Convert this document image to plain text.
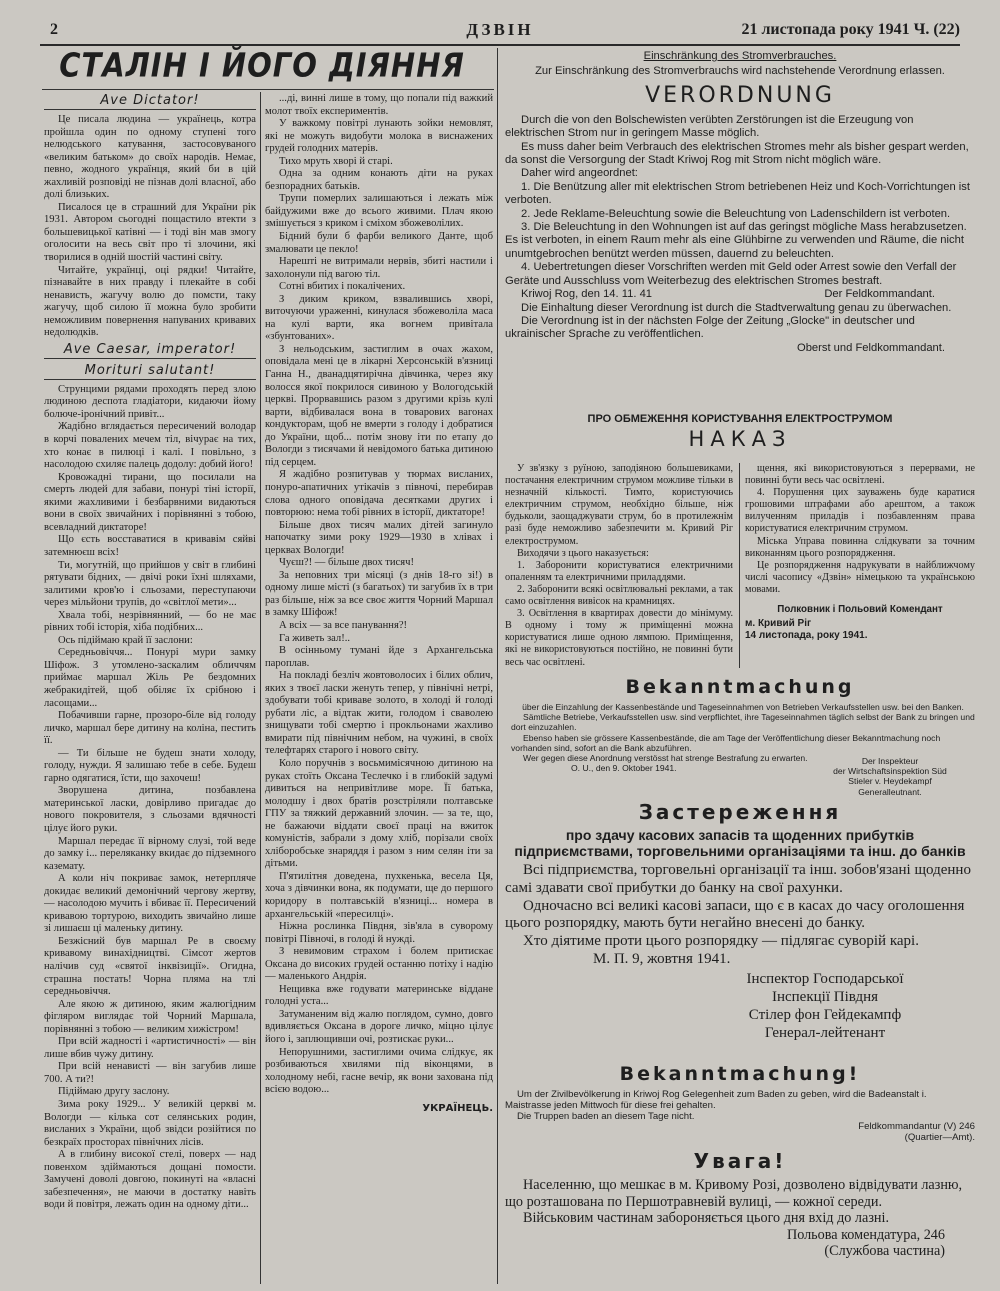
2	ДЗВІН	21 листопада року 1941 Ч. (22)
СТАЛІН І ЙОГО ДІЯННЯ
Ave Dictator!

Це писала людина — українець, котра пройшла один по одному ступені того нелюдського катування, застосовуваного «великим батьком» до своїх народів. Немає, певно, жодного українця, який би в цій жахливій розповіді не пізнав долі власної, або долі близьких.

Писалося це в страшний для України рік 1931. Автором сьогодні пощастило втекти з большевицької катівні — і тоді він мав змогу оголосити на весь світ про ті злочини, які творилися в одній шостій частині світу.

Читайте, українці, оці рядки! Читайте, пізнавайте в них правду і плекайте в собі ненависть, жагучу волю до помсти, таку жагучу, щоб силою її можна було зробити неможливим повернення напуваних кривавих недолюдків.

Ave Caesar, imperator!
Morituri salutant!

Струнцими рядами проходять перед злою людиною деспота гладіатори, кидаючи йому болюче-іронічний привіт...

Жадібно вглядається пересичений володар в корчі повалених мечем тіл, вічурає на тих, хто конає в пилюці і калі. І повільно, з насолодою схиляє палець додолу: добий його!

Кровожадні тирани, що посилали на смерть людей для забави, понурі тіні історії, якими жахливими і безбарвними видаються вони в своїх звичайних і порівнянні з тобою, всевладний диктаторе!

Що єсть восставатися в кривавім сяйві затемнюєш всіх!

Ти, могутній, що прийшов у світ в глибині рятувати бідних, — двічі роки їхні шляхами, залитими кров'ю і сльозами, переступаючи через мільйони трупів, до «світлої мети»...

Хвала тобі, незрівнянний, — бо не має рівних тобі історія, хіба подібних...

Ось підіймаю край її заслони:

Середньовіччя... Понурі мури замку Шіфож. З утомлено-заскалим обличчям приймає маршал Жіль Ре бездомних жебракидітей, щоб обіляє їх срібною і ласощами...

Побачивши гарне, прозоро-біле від голоду личко, маршал бере дитину на коліна, пестить її.

— Ти більше не будеш знати холоду, голоду, нужди. Я залишаю тебе в себе. Будеш гарно одягатися, їсти, що захочеш!

Зворушена дитина, позбавлена материнської ласки, довірливо пригадає до нового покровителя, з сльозами вдячності цілує його руки.

Маршал передає її вірному слузі, той веде до замку і... переляканку вкидає до підземного каземату.

А коли ніч покриває замок, нетерпляче докидає великий демонічний чергову жертву, — насолодою мучить і вбиває її. Пересичений кривавою тортурою, виходить звичайно лише зі лишаєш ці маленьку дитину.

Безжісний був маршал Ре в своєму кривавому винахідництві. Сімсот жертов налічив суд «святої інквізиції». Огидна, страшна постать! Чорна пляма на тлі середньовіччя.

Але якою ж дитиною, яким жалюгідним фігляром виглядає той Чорний Маршала, порівнянні з тобою — великим хижістром!

При всій жадності і «артистичності» — він лише вбив чужу дитину.

При всій ненависті — він загубив лише 700. А ти?!

Підіймаю другу заслону.

Зима року 1929... У великій церкві м. Вологди — кілька сот селянських родин, висланих з України, щоб звідси розійтися по безкраїх просторах північних лісів.

А в глибину високої стелі, поверх — над повенхом здіймаються дощані помости. Замучені доволі довгою, покинуті на «власні забезпечення», не маючи в достатку навіть води й повітря, лежать один на одному діти...

...ді, винні лише в тому, що попали під важкий молот твоїх експериментів.

У важкому повітрі лунають зойки немовлят, які не можуть видобути молока в виснажених грудей голодних матерів.

Тихо мруть хворі й старі.

Одна за одним конають діти на руках безпорадних батьків.

Трупи померлих залишаються і лежать між байдужими вже до всього живими. Плач якою змішується з криком і сміхом збожеволілих.

Бідний були б фарби великого Данте, щоб змалювати це пекло!

Нарешті не витримали нервів, збиті настили і захолонули під вагою тіл.

Сотні вбитих і покалічених.

З диким криком, взвалившись хворі, виточуючи ураженні, кинулася збожеволіла маса на кулі варти, яка вогнем привітала «збунтованих».

З нельодським, застиглим в очах жахом, оповідала мені це в лікарні Херсонській в'язниці Ганна Н., дванадцятирічна дівчинка, через яку волосся якої покрилося сивиною у Вологодській церкві. Прорвавшись разом з другими крізь кулі варти, відбивалася вона в товарових вагонах кондукторам, щоб не вмерти з голоду і добратися до України, щоб... потім знову іти по етапу до Вологди з тисячами й невідомого батька дитиною під серцем.

Я жадібно розпитував у тюрмах висланих, понуро-апатичних утікачів з півночі, перебирав слова одного оповідача десятками других і повторюю: нема тобі рівних в історії, диктаторе!

Більше двох тисяч малих дітей загинуло напочатку зими року 1929—1930 в хлівах і церквах Вологди!

Чуєш?! — більше двох тисяч!

За неповних три місяці (з днів 18-го зі!) в одному лише місті (з багатьох) ти загубив їх в три раз більше, ніж за все своє життя Чорний Маршал в замку Шіфож!

А всіх — за все панування?!

Га живеть зал!..

В осінньому тумані йде з Архангельська пароплав.

На покладі безліч жовтоволосих і білих облич, яких з твоєї ласки женуть тепер, у північні нетрі, здобувати тобі криваве золото, в холоді й голоді рубати ліс, а відтак жити, голодом і сваволею знищувати тобі смертю і прокльонами жахливо вмирати під північним небом, на чужині, в своїх телефтарях старого і нового світу.

Коло поручнів з восьмимісячною дитиною на руках стоїть Оксана Теслечко і в глибокій задумі дивиться на непривітливе море. Її батька, молодшу і двох братів розстріляли полтавське ГПУ за тяжкий державний злочин. — за те, що, не бажаючи віддати своєї праці на вжиток комуністів, забрали з дому хліб, порізали своїх хліборобське знаряддя і разом з ним селян іти за дітьми.

П'ятилітня доведена, пухкенька, весела Ця, хоча з дівчинки вона, як подумати, ще до першого коридору в полтавській в'язниці... номера в архангельській «пересилці».

Ніжна рослинка Півдня, зів'яла в суворому повітрі Півночі, в голоді й нужді.

З невимовим страхом і болем притискає Оксана до високих грудей останню потіху і надію — маленького Андрія.

Нещивка вже годувати материнське віддане голодні уста...

Затуманеним від жалю поглядом, сумно, довго вдивляється Оксана в дороге личко, міцно цілує його і, заплющивши очі, розтискає руки...

Непорушними, застиглими очима слідкує, як розбиваються хвилями під віконцями, в холодному небі, гасне вечір, як вони захована під всією водою...

УКРАЇНЕЦЬ.
Einschränkung des Stromverbrauches.
Zur Einschränkung des Stromverbrauchs wird nachstehende Verordnung erlassen.
VERORDNUNG

Durch die von den Bolschewisten verübten Zerstörungen ist die Erzeugung von elektrischen Strom nur in geringem Masse möglich.

Es muss daher beim Verbrauch des elektrischen Stromes mehr als bisher gespart werden, da sonst die Versorgung der Stadt Kriwoj Rog mit Strom nicht möglich wäre.

Daher wird angeordnet:

1. Die Benützung aller mit elektrischen Strom betriebenen Heiz und Koch-Vorrichtungen ist verboten.

2. Jede Reklame-Beleuchtung sowie die Beleuchtung von Ladenschildern ist verboten.

3. Die Beleuchtung in den Wohnungen ist auf das geringst mögliche Mass herabzusetzen. Es ist verboten, in einem Raum mehr als eine Glühbirne zu verwenden und Räume, die nicht unumtgebrochen benützt werden müssen, dauernd zu beleuchten.

4. Uebertretungen dieser Vorschriften werden mit Geld oder Arrest sowie den Verfall der Geräte und Ausschluss vom Weiterbezug des elektrischen Stromes bestraft.

Kriwoj Rog, den 14. 11. 41	Der Feldkommandant.

Die Einhaltung dieser Verordnung ist durch die Stadtverwaltung genau zu überwachen.

Die Verordnung ist in der nächsten Folge der Zeitung „Glocke" in deutscher und ukrainischer Sprache zu veröffentlichen.

Oberst und Feldkommandant.

ПРО ОБМЕЖЕННЯ КОРИСТУВАННЯ ЕЛЕКТРОСТРУМОМ
НАКАЗ

У зв'язку з руїною, заподіяною большевиками, постачання електричним струмом можливе тільки в незначній кількості. Тимто, користуючись електричним струмом, необхідно більше, ніж будьколи, заощаджувати струм, бо в протилежнім разі буде неможливо забезпечити м. Кривий Ріг електрострумом.

Виходячи з цього наказується:

1. Заборонити користуватися електричними опаленням та електричними приладдями.

2. Заборонити всякі освітлювальні реклами, а так само освітлення вивісок на крамницях.

3. Освітлення в квартирах довести до мінімуму. В одному і тому ж приміщенні можна користуватися лише одною лямпою. Приміщення, які не використовуються постійно, не повинні бути весь час освітлені.

щення, які використовуються з перервами, не повинні бути весь час освітлені.

4. Порушення цих зауважень буде каратися грошовими штрафами або арештом, а також вилученням приладів і позбавленням права користуватися електричним струмом.

Міська Управа повинна слідкувати за точним виконанням цього розпорядження.

Це розпорядження надрукувати в найближчому числі часопису «Дзвін» німецькою та українською мовами.

Полковник і Польовий Комендант
м. Кривий Ріг
14 листопада, року 1941.
Bekanntmachung

über die Einzahlung der Kassenbestände und Tageseinnahmen von Betrieben Verkaufsstellen usw. bei den Banken.

Sämtliche Betriebe, Verkaufsstellen usw. sind verpflichtet, ihre Tageseinnahmen täglich selbst der Bank zu bringen und dort einzuzahlen.

Ebenso haben sie grössere Kassenbestände, die am Tage der Veröffentlichung dieser Bekanntmachung noch vorhanden sind, sofort an die Bank abzuführen.

Wer gegen diese Anordnung verstösst hat strenge Bestrafung zu erwarten.

O. U., den 9. Oktober 1941.

Der Inspekteur

der Wirtschaftsinspektion Süd

Stieler v. Heydekampf

Generalleutnant.

Застереження
про здачу касових запасів та щоденних прибутків підприємствами, торговельними організаціями та інш. до банків

Всі підприємства, торговельні організації та інш. зобов'язані щоденно самі здавати свої прибутки до банку на свої рахунки.

Одночасно всі великі касові запаси, що є в касах до часу оголошення цього розпорядку, мають бути негайно внесені до банку.

Хто діятиме проти цього розпорядку — підлягає суворій карі.

М. П. 9, жовтня 1941.

Інспектор Господарської
Інспекції Півдня
Стілер фон Гейдекампф
Генерал-лейтенант
Bekanntmachung!

Um der Zivilbevölkerung in Kriwoj Rog Gelegenheit zum Baden zu geben, wird die Badeanstalt i. Maistrasse jeden Mittwoch für diese frei gehalten.

Die Truppen baden an diesem Tage nicht.

Feldkommandantur (V) 246

(Quartier—Amt).

Увага!

Населенню, що мешкає в м. Кривому Розі, дозволено відвідувати лазню, що розташована по Першотравневій вулиці, — кожної середи.

Військовим частинам забороняється цього дня вхід до лазні.

Польова комендатура, 246
(Службова частина)
